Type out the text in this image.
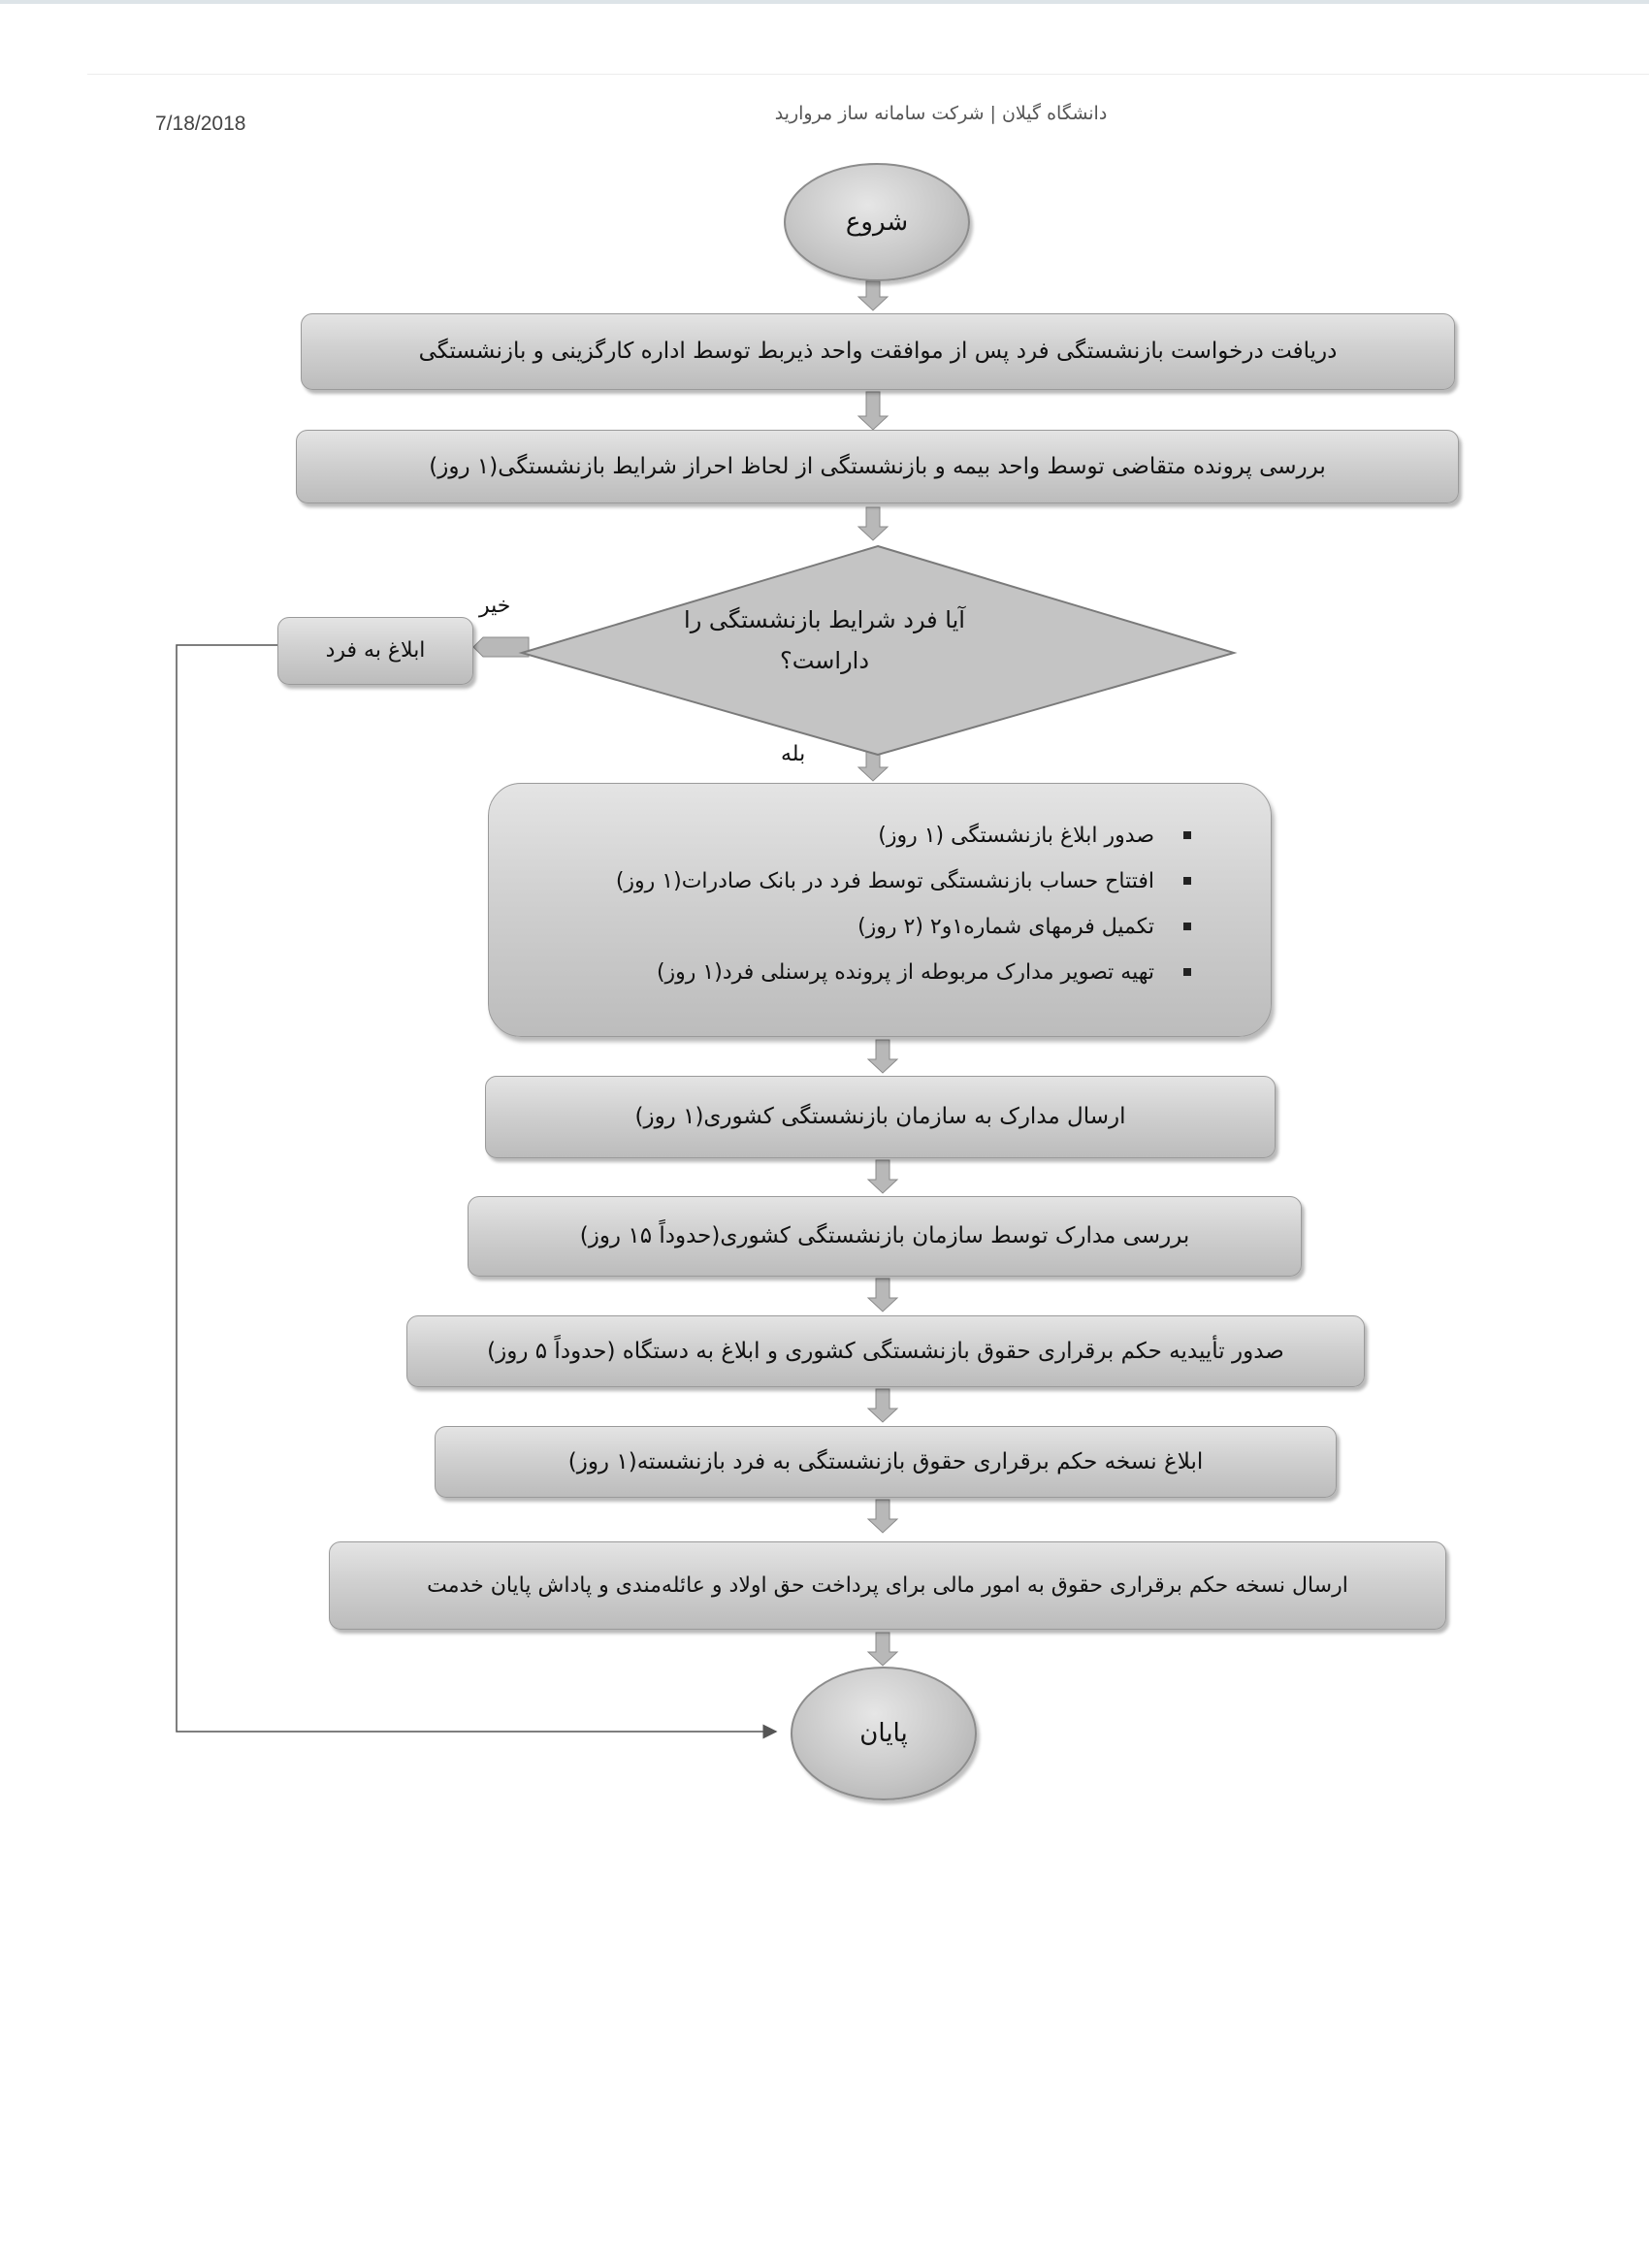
7/18/2018	دانشگاه گیلان | شرکت سامانه ساز مروارید
شروع
دریافت درخواست بازنشستگی فرد پس از موافقت واحد ذیربط توسط اداره کارگزینی و بازنشستگی
بررسی پرونده متقاضی توسط واحد بیمه و بازنشستگی از لحاظ احراز شرایط بازنشستگی(۱ روز)
آیا فرد شرایط بازنشستگی را داراست؟
خیر
بله
ابلاغ به فرد
صدور ابلاغ بازنشستگی (۱ روز)
افتتاح حساب بازنشستگی توسط فرد در بانک صادرات(۱ روز)
تکمیل فرمهای شماره۱و۲ (۲ روز)
تهیه تصویر مدارک مربوطه از پرونده پرسنلی فرد(۱ روز)
ارسال مدارک به سازمان بازنشستگی کشوری(۱ روز)
بررسی مدارک توسط سازمان بازنشستگی کشوری(حدوداً ۱۵ روز)
صدور تأییدیه حکم برقراری حقوق بازنشستگی کشوری و ابلاغ به دستگاه (حدوداً ۵ روز)
ابلاغ نسخه حکم برقراری حقوق بازنشستگی به فرد بازنشسته(۱ روز)
ارسال نسخه حکم برقراری حقوق به امور مالی برای پرداخت حق اولاد و عائله‌مندی و پاداش پایان خدمت
پایان
